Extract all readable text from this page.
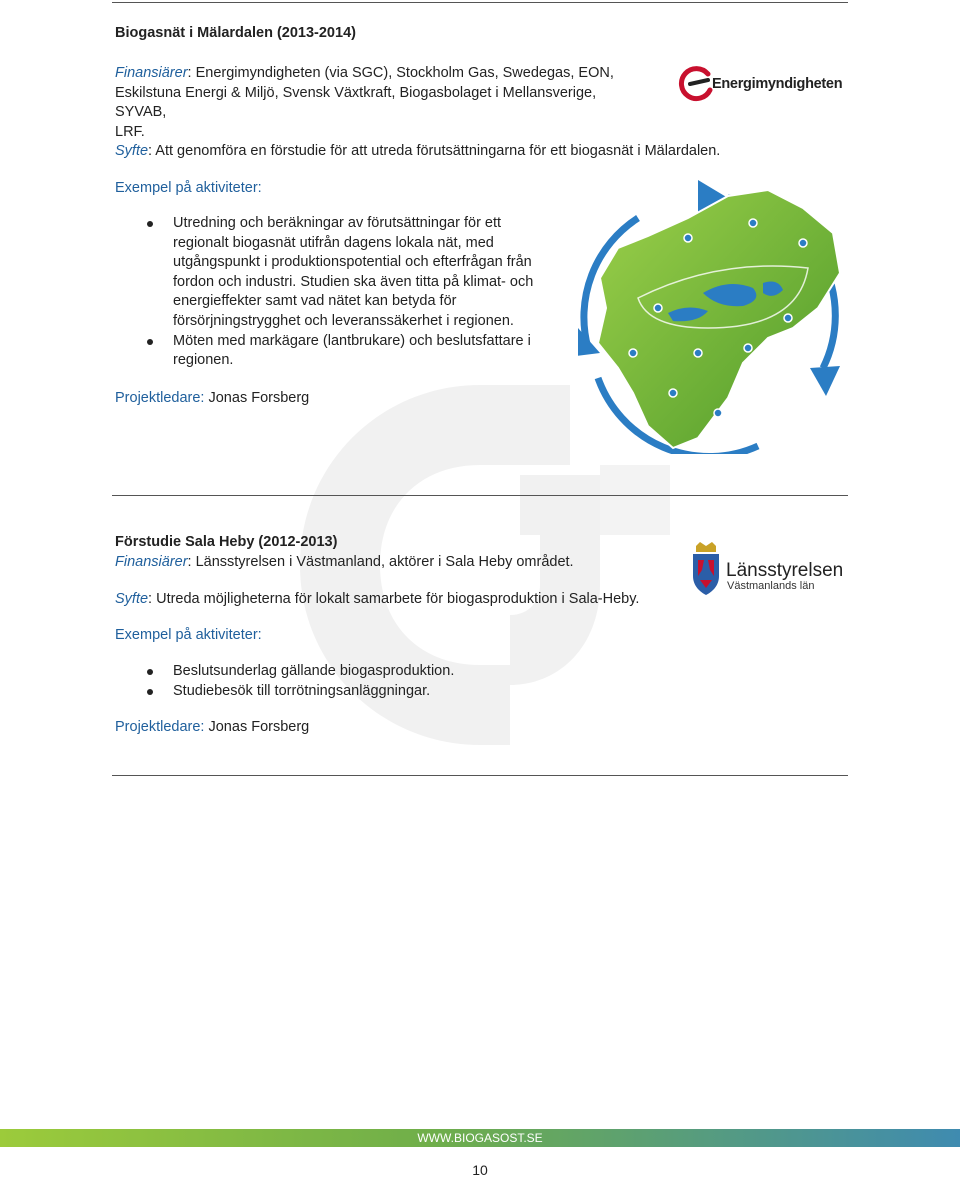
Biogasnät i Mälardalen (2013-2014)
Finansiärer: Energimyndigheten (via SGC), Stockholm Gas, Swedegas, EON,
Eskilstuna Energi & Miljö, Svensk Växtkraft, Biogasbolaget i Mellansverige, SYVAB,
LRF.
Syfte: Att genomföra en förstudie för att utreda förutsättningarna för ett biogasnät i Mälardalen.
Exempel på aktiviteter:
Utredning och beräkningar av förutsättningar för ett
regionalt biogasnät utifrån dagens lokala nät, med
utgångspunkt i produktionspotential och efterfrågan från
fordon och industri. Studien ska även titta på klimat- och
energieffekter samt vad nätet kan betyda för
försörjningstrygghet och leveranssäkerhet i regionen.
Möten med markägare (lantbrukare) och beslutsfattare i
regionen.
Projektledare: Jonas Forsberg
Energimyndigheten
Förstudie Sala Heby (2012-2013)
Finansiärer: Länsstyrelsen i Västmanland, aktörer i Sala Heby området.
Syfte: Utreda möjligheterna för lokalt samarbete för biogasproduktion i Sala-Heby.
Exempel på aktiviteter:
Beslutsunderlag gällande biogasproduktion.
Studiebesök till torrötningsanläggningar.
Projektledare: Jonas Forsberg
Länsstyrelsen
Västmanlands län
WWW.BIOGASOST.SE
10
